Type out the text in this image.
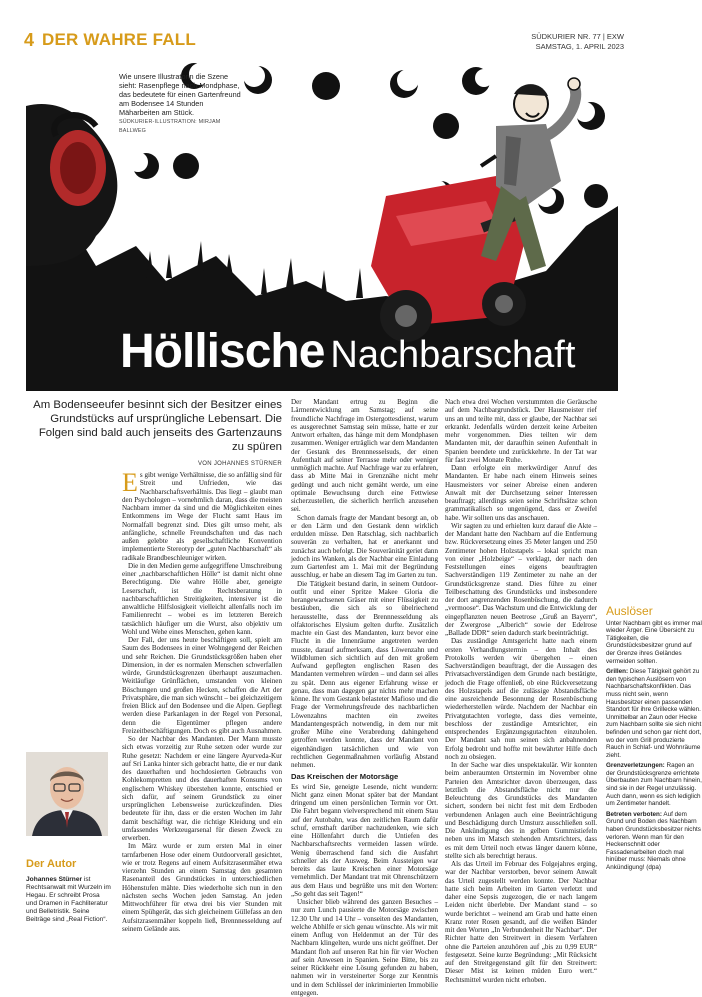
4 DER WAHRE FALL	SÜDKURIER NR. 77 | EXW
SAMSTAG, 1. APRIL 2023
Höllische Nachbarschaft
Wie unsere Illustratorin die Szene sieht: Rasenpflege nach Mondphase, das bedeutete für einen Gartenfreund am Bodensee 14 Stunden Mäharbeiten am Stück.
SÜDKURIER-ILLUSTRATION: MIRJAM BALLWEG
Am Bodenseeufer besinnt sich der Besitzer eines Grundstücks auf ursprüngliche Lebensart. Die Folgen sind bald auch jenseits des Gartenzauns zu spüren
VON JOHANNES STÜRNER
Der Autor
Johannes Stürner ist Rechtsanwalt mit Wurzeln im Hegau. Er schreibt Prosa und Dramen in Fachliteratur und Belletristik. Seine Beiträge sind „Real Fiction“.

Es gibt wenige Verhältnisse, die so anfällig sind für Streit und Unfrieden, wie das Nachbarschaftsverhältnis. Das liegt – glaubt man den Psychologen – vornehmlich daran, dass die meisten Nachbarn immer da sind und die Möglichkeiten eines Entkommens im Wege der Flucht samt Haus im Normalfall begrenzt sind. Dies gilt umso mehr, als anfängliche, schnelle Freundschaften und das nach außen gelebte als gesellschaftliche Konvention implementierte Stereotyp der „guten Nachbarschaft“ als radikale Brandbeschleuniger wirken.

Die in den Medien gerne aufgegriffene Umschreibung einer „nachbarschaftlichen Hölle“ ist damit nicht ohne Berechtigung. Die wahre Hölle aber, geneigte Leserschaft, ist die Rechtsberatung in nachbarschaftlichen Streitigkeiten, intensiver ist die anwaltliche Hilfslosigkeit vielleicht allenfalls noch im Familienrecht – wobei es im letzteren Bereich tatsächlich häufiger um die Wurst, also objektiv um Wohl und Wehe eines Menschen, gehen kann.

Der Fall, der uns heute beschäftigen soll, spielt am Saum des Bodensees in einer Wohngegend der Reichen und sehr Reichen. Die Grundstücksgrößen haben eher Dimension, in der es normalen Menschen schwerfallen würde, Grundstücksgrenzen überhaupt auszumachen. Weitläufige Grünflächen, umstanden von kleinen Böschungen und großen Hecken, schaffen die Art der Privatsphäre, die man sich wünscht – bei gleichzeitigem freien Blick auf den Bodensee und die Alpen. Gepflegt werden diese Parkanlagen in der Regel von Personal, denn die Eigentümer pflegen andere Freizeitbeschäftigungen. Doch es gibt auch Ausnahmen.

So der Nachbar des Mandanten. Der Mann musste sich etwas vorzeitig zur Ruhe setzen oder wurde zur Ruhe gesetzt: Nachdem er eine längere Ayurveda-Kur auf Sri Lanka hinter sich gebracht hatte, die er nur dank des dauerhaften und hochdosierten Gebrauchs von Kohlekompretten und des dauerhaften Konsums von englischem Whiskey überstehen konnte, entschied er sich dafür, auf seinem Grundstück zu einer ursprünglichen Lebensweise zurückzufinden. Dies bedeutete für ihn, dass er die ersten Wochen im Jahr damit beschäftigt war, die richtige Kleidung und ein umfassendes Werkzeugarsenal für diesen Zweck zu erwerben.

Im März wurde er zum ersten Mal in einer tarnfarbenen Hose oder einem Outdoorverall gesichtet, wie er trotz Regens auf einem Aufsitzrasenmäher etwa vierzehn Stunden an einem Samstag den gesamten Rasenanteil des Grundstückes in unterschiedlichen Höhenstufen mähte. Dies wiederholte sich nun in den nächsten sechs Wochen jeden Samstag. An jeden Mittwochführer für etwa drei bis vier Stunden mit einem Spühgerät, das sich gleicheinem Güllefass an den Aufsitzrasenmäher koppeln ließ, Brennnesseldung auf seinem Gelände aus.

Der Mandant ertrug zu Beginn die Lärmentwicklung am Samstag; auf seine freundliche Nachfrage im Ostergottesdienst, warum es ausgerechnet Samstag sein müsse, hatte er zur Antwort erhalten, das hänge mit dem Mondphasen zusammen. Weniger erträglich war dem Mandanten der Gestank des Brennnesselsuds, der einen Aufenthalt auf seiner Terrasse mehr oder weniger unmöglich machte. Auf Nachfrage war zu erfahren, dass ab Mitte Mai in Grenznähe nicht mehr gedüngt und auch nicht gemäht werde, um eine optimale Bewuchsung durch eine Fettwiese sicherzustellen, die sicherlich herrlich anzusehen sei.

Schon damals fragte der Mandant besorgt an, ob er den Lärm und den Gestank denn wirklich erdulden müsse. Den Ratschlag, sich nachbarlich souverän zu verhalten, hat er anerkannt und zunächst auch befolgt. Die Souveränität geriet dann jedoch ins Wanken, als der Nachbar eine Einladung zum Gartenfest am 1. Mai mit der Begründung ausschlug, er habe an diesem Tag im Garten zu tun.

Die Tätigkeit bestand darin, in seinem Outdoor-outfit und einer Spritze Makee Gloria die herangewachsenen Gräser mit einer Flüssigkeit zu bestäuben, die sich als so übelriechend herausstellte, dass der Brennnesseldung als olfaktorisches Elysium gelten durfte. Zusätzlich machte ein Gast des Mandanten, kurz bevor eine Flucht in die Innenräume angetreten werden musste, darauf aufmerksam, dass Löwenzahn und Wildblumen sich sichtlich auf den mit großem Aufwand gepflegten englischen Rasen des Mandanten vermehren würden – und dann sei alles zu spät. Denn aus eigener Erfahrung wisse er genau, dass man dagegen gar nichts mehr machen könne. Ihr vom Gestank belasteter Mafioso und die Frage der Vermehrungsfreude des nachbarlichen Löwenzahns machten ein zweites Mandantengespräch notwendig, in dem nur mit großer Mühe eine Verabredung dahingehend getroffen werden konnte, dass der Mandant von eigenhändigen tatsächlichen und wie von rechtlichen Gegenmaßnahmen vorläufig Abstand nehmen.

Das Kreischen der Motorsäge

Es wird Sie, geneigte Lesende, nicht wundern: Nicht ganz einen Monat später bat der Mandant dringend um einen persönlichen Termin vor Ort. Die Fahrt begann vielversprechend mit einem Stau auf der Autobahn, was den zeitlichen Raum dafür schuf, ernsthaft darüber nachzudenken, wie sich eine Höllenfahrt durch die Untiefen des Nachbarschaftsrechts vermeiden lassen würde. Wenig überraschend fand sich die Ausfahrt schneller als der Ausweg. Beim Aussteigen war bereits das laute Kreischen einer Motorsäge vernehmlich. Der Mandant trat mit Ohrenschützern aus dem Haus und begrüßte uns mit den Worten: „So geht das seit Tagen!“

Unsicher blieb während des ganzen Besuches – nur zum Lunch pausierte die Motorsäge zwischen 12.30 Uhr und 14 Uhr – vonseiten des Mandanten, welche Abhilfe er sich genau wünschte. Als wir mit einem Anflug von Heldenmut an der Tür des Nachbarn klingelten, wurde uns nicht geöffnet. Der Mandant floh auf unseren Rat hin für vier Wochen auf sein Anwesen in Spanien. Seine Bitte, bis zu seiner Rückkehr eine Lösung gefunden zu haben, nahmen wir in versteinerter Sorge zur Kenntnis und in dem Schlüssel der inkriminierten Immobilie entgegen.

Nach etwa drei Wochen verstummten die Geräusche auf dem Nachbargrundstück. Der Hausmeister rief uns an und teilte mit, dass er glaube, der Nachbar sei erkrankt. Jedenfalls würden derzeit keine Arbeiten mehr vorgenommen. Dies teilten wir dem Mandanten mit, der daraufhin seinen Aufenthalt in Spanien beendete und zurückkehrte. In der Tat war für fast zwei Monate Ruhe.

Dann erfolgte ein merkwürdiger Anruf des Mandanten. Er habe nach einem Hinweis seines Hausmeisters vor seiner Abreise einen anderen Anwalt mit der Durchsetzung seiner Interessen beauftragt; allerdings seien seine Schriftsätze schon grammatikalisch so ungenügend, dass er Zweifel habe. Wir sollten uns das anschauen.

Wir sagten zu und erhielten kurz darauf die Akte – der Mandant hatte den Nachbarn auf die Entfernung bzw. Rückversetzung eines 35 Meter langen und 250 Zentimeter hohen Holzstapels – lokal spricht man von einer „Holzbeige“ – verklagt, der nach den Feststellungen eines eigens beauftragten Sachverständigen 119 Zentimeter zu nahe an der Grundstücksgrenze stand. Dies führe zu einer Teilbeschattung des Grundstücks und insbesondere der dort angrenzenden Rosenbüschung, die dadurch „vermoose“. Das Wachstum und die Entwicklung der eingepflanzten neuen Beetrose „Gruß an Bayern“, der Zwergrose „Alberich“ sowie der Edelrose „Ballade DDR“ seien dadurch stark beeinträchtigt.

Das zuständige Amtsgericht hatte nach einem ersten Verhandlungstermin – den Inhalt des Protokolls werden wir übergehen – einen Sachverständigen beauftragt, der die Aussagen des Privatsachverständigen dem Grunde nach bestätigte, jedoch die Frage offenließ, ob eine Rückversetzung des Holzstapels auf die zulässige Abstandsfläche eine ausreichende Besonnung der Rosenbüschung wiederherstellen würde. Nachdem der Nachbar ein Privatgutachten vorlegte, dass dies verneinte, beschloss der zuständige Amtsrichter, ein entsprechendes Ergänzungsgutachten einzuholen. Der Mandant sah nun seinen sich anbahnenden Erfolg bedroht und hoffte mit bewährter Hilfe doch noch zu obsiegen.

In der Sache war dies unspektakulär. Wir konnten beim anberaumten Ortstermin im November ohne Parteien den Amtsrichter davon überzeugen, dass letztlich die Abstandsfläche nicht nur die Beleuchtung des Grundstücks des Mandanten sichert, sondern bei nicht fest mit dem Erdboden verbundenen Anlagen auch eine Beeinträchtigung und Beschädigung durch Umsturz ausschließen soll. Die Ankündigung des in gelben Gummistiefeln neben uns im Matsch stehenden Amtsrichters, dass es mit dem Urteil noch etwas länger dauern könne, stellte sich als berechtigt heraus.

Als das Urteil im Februar des Folgejahres erging, war der Nachbar verstorben, bevor seinem Anwalt das Urteil zugestellt werden konnte. Der Nachbar hatte sich beim Arbeiten im Garten verletzt und daher eine Sepsis zugezogen, die er nach langem Leiden nicht überlebte. Der Mandant stand – so wurde berichtet – weinend am Grab und hatte einen Kranz roter Rosen gesandt, auf die weißen Bänder mit den Worten „In Verbundenheit Ihr Nachbar“. Der Richter hatte den Streitwert in diesem Verfahren ohne die Parteien anzuhören auf „bis zu 0,99 EUR“ festgesetzt. Seine kurze Begründung: „Mit Rücksicht auf den Streitgegenstand gilt für den Streitwert: Dieser Mist ist keinen müden Euro wert.“ Rechtsmittel wurden nicht erhoben.

Auslöser
Unter Nachbarn gibt es immer mal wieder Ärger. Eine Übersicht zu Tätigkeiten, die Grundstücksbesitzer grund auf der Grenze ihres Geländes vermeiden sollten.
Grillen: Diese Tätigkeit gehört zu den typischen Auslösern von Nachbarschaftskonflikten. Das muss nicht sein, wenn Hausbesitzer einen passenden Standort für ihre Grillecke wählen. Unmittelbar an Zaun oder Hecke zum Nachbarn sollte sie sich nicht befinden und schon gar nicht dort, wo der vom Grill produzierte Rauch in Schlaf- und Wohnräume zieht.
Grenzverletzungen: Ragen an der Grundstücksgrenze errichtete Überbauten zum Nachbarn hinein, sind sie in der Regel unzulässig. Auch dann, wenn es sich lediglich um Zentimeter handelt.
Betreten verboten: Auf dem Grund und Boden des Nachbarn haben Grundstücksbesitzer nichts verloren. Wenn man für den Heckenschnitt oder Fassadenarbeiten doch mal hinüber muss: Niemals ohne Ankündigung! (dpa)
